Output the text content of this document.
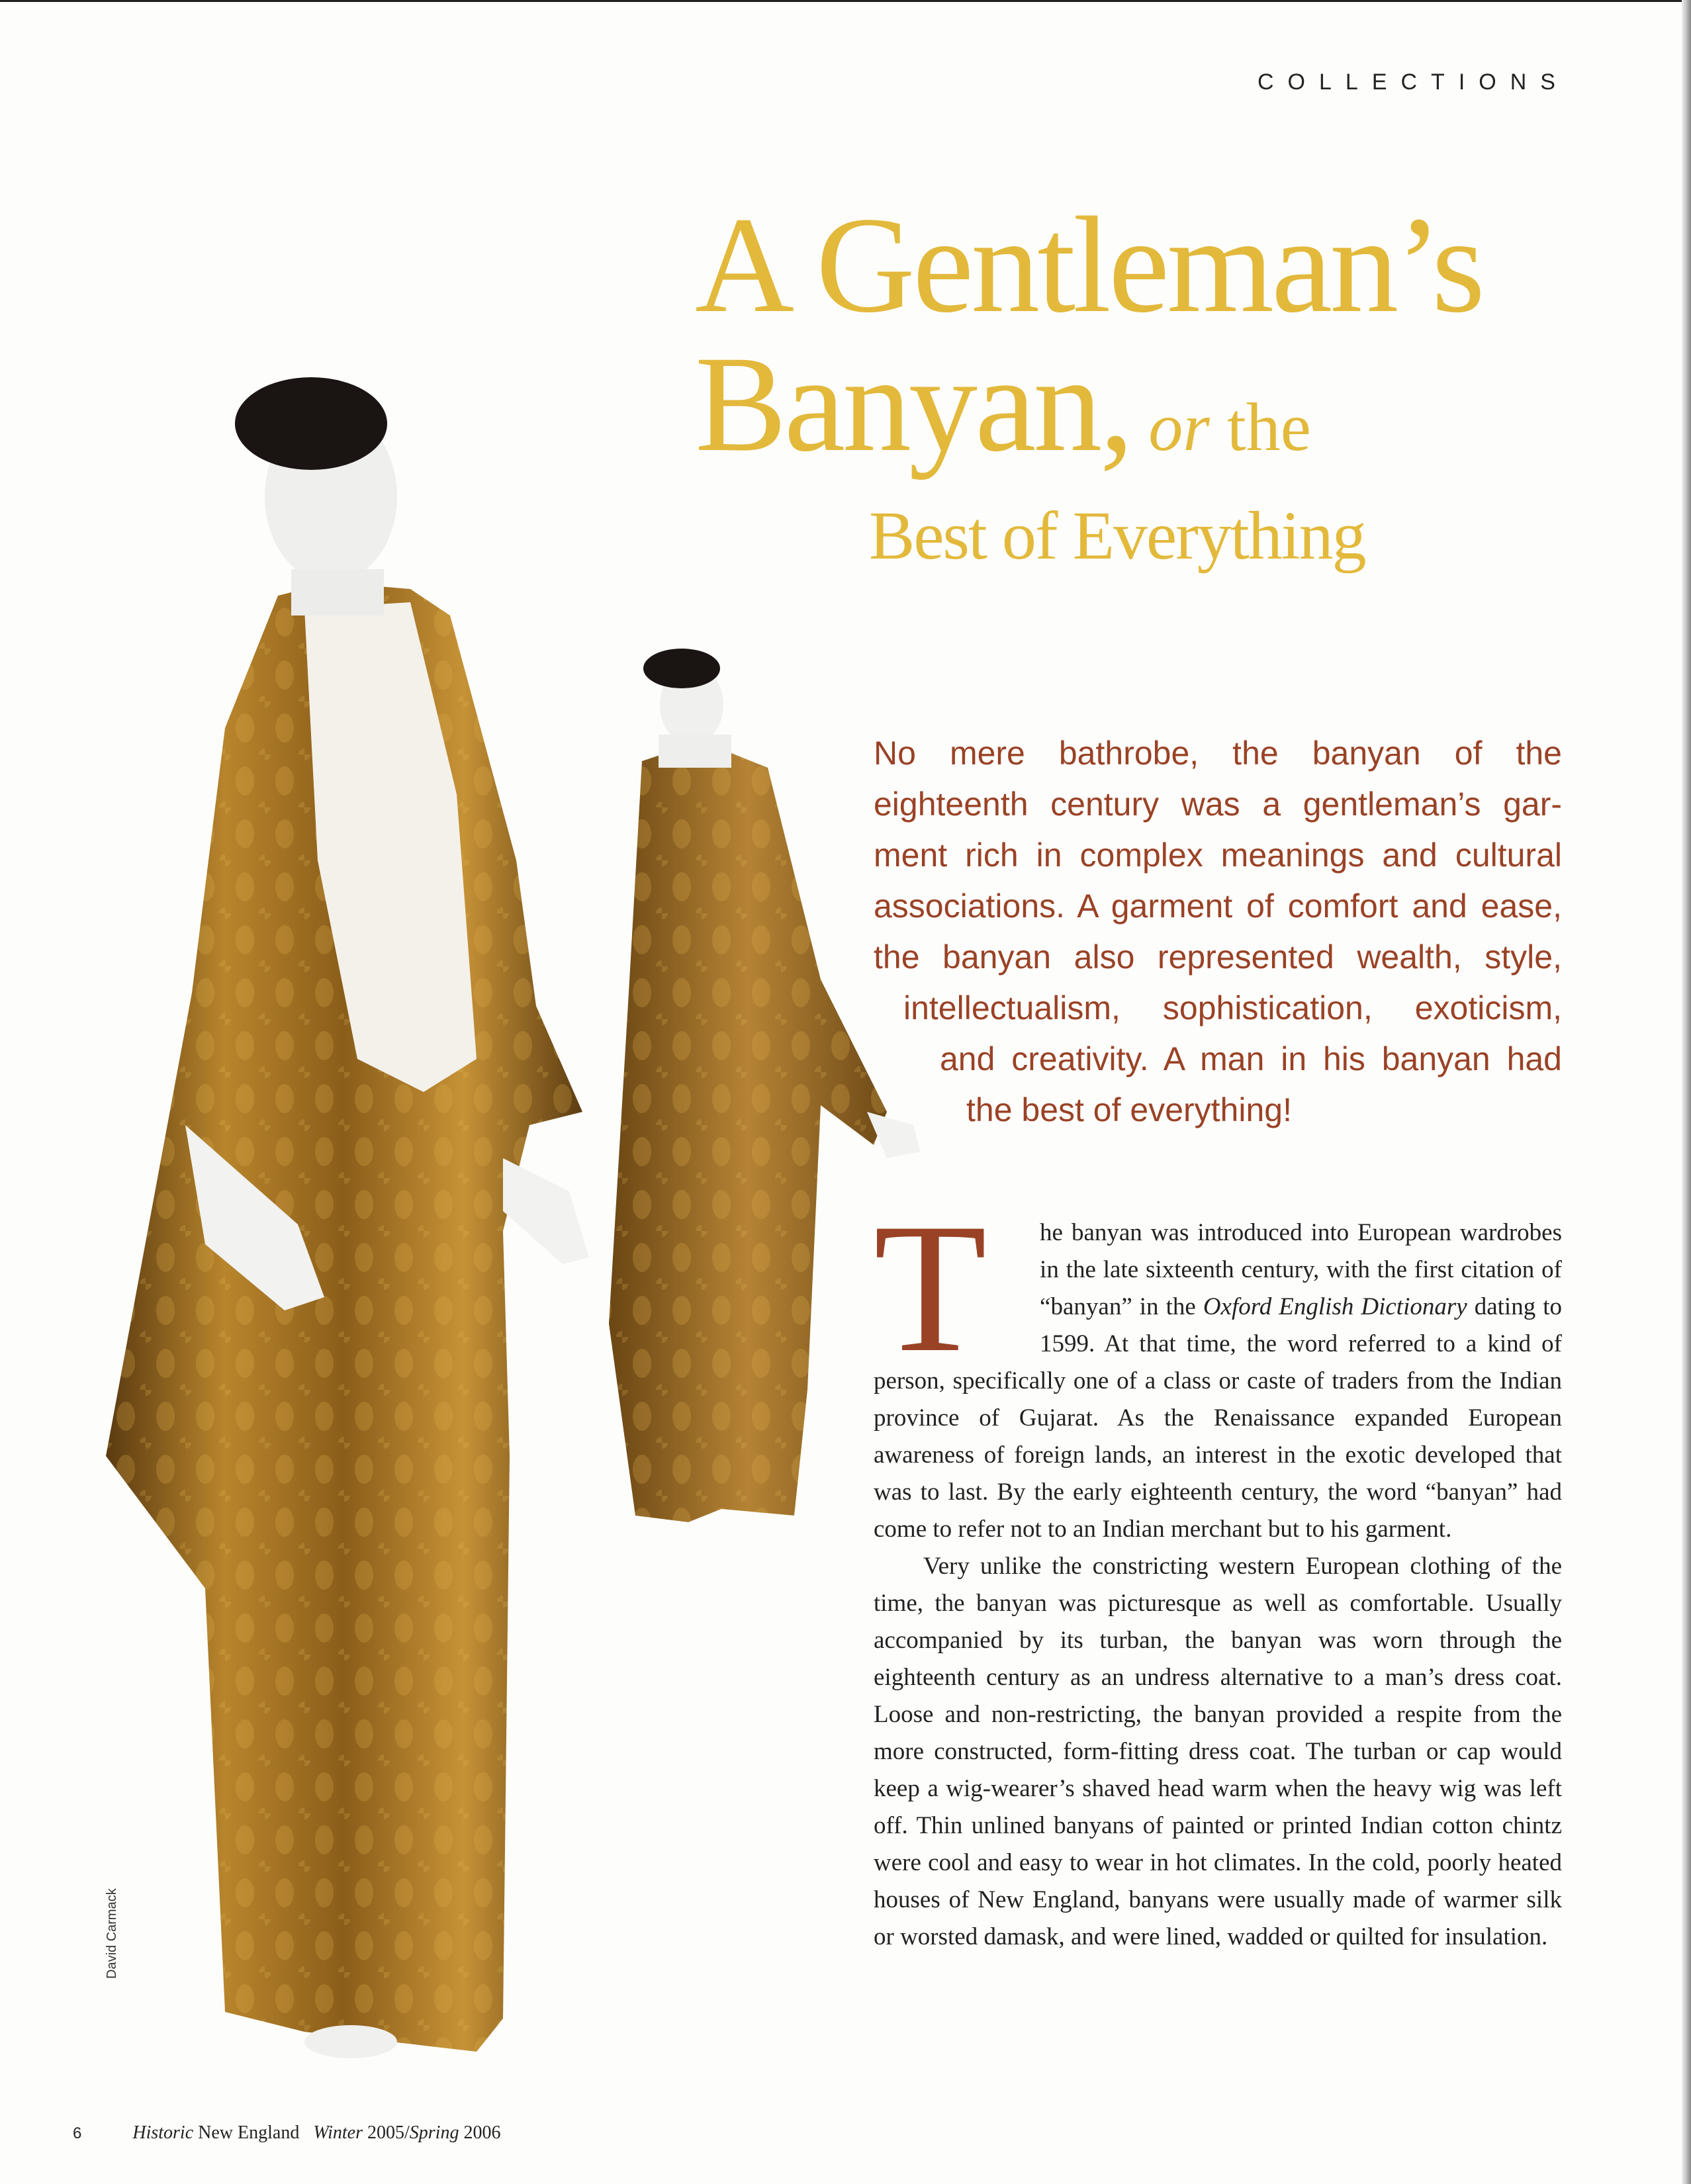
COLLECTIONS
A Gentleman’s
Banyan, or the
Best of Everything
David Carmack
No mere bathrobe, the banyan of the
eighteenth century was a gentleman’s gar-
ment rich in complex meanings and cultural
associations. A garment of comfort and ease,
the banyan also represented wealth, style,
intellectualism, sophistication, exoticism,
and creativity. A man in his banyan had
the best of everything!

T he banyan was introduced into European wardrobes in the late sixteenth century, with the first citation of “banyan” in the Oxford English Dictionary dating to 1599. At that time, the word referred to a kind of person, specifically one of a class or caste of traders from the Indian province of Gujarat. As the Renaissance expanded European awareness of foreign lands, an interest in the exotic developed that was to last. By the early eighteenth century, the word “banyan” had come to refer not to an Indian merchant but to his garment.

Very unlike the constricting western European clothing of the time, the banyan was picturesque as well as comfortable. Usually accompanied by its turban, the banyan was worn through the eighteenth century as an undress alternative to a man’s dress coat. Loose and non-restricting, the banyan provided a respite from the more constructed, form-fitting dress coat. The turban or cap would keep a wig-wearer’s shaved head warm when the heavy wig was left off. Thin unlined banyans of painted or printed Indian cotton chintz were cool and easy to wear in hot climates. In the cold, poorly heated houses of New England, banyans were usually made of warmer silk or worsted damask, and were lined, wadded or quilted for insulation.

6	Historic New England Winter 2005/Spring 2006
